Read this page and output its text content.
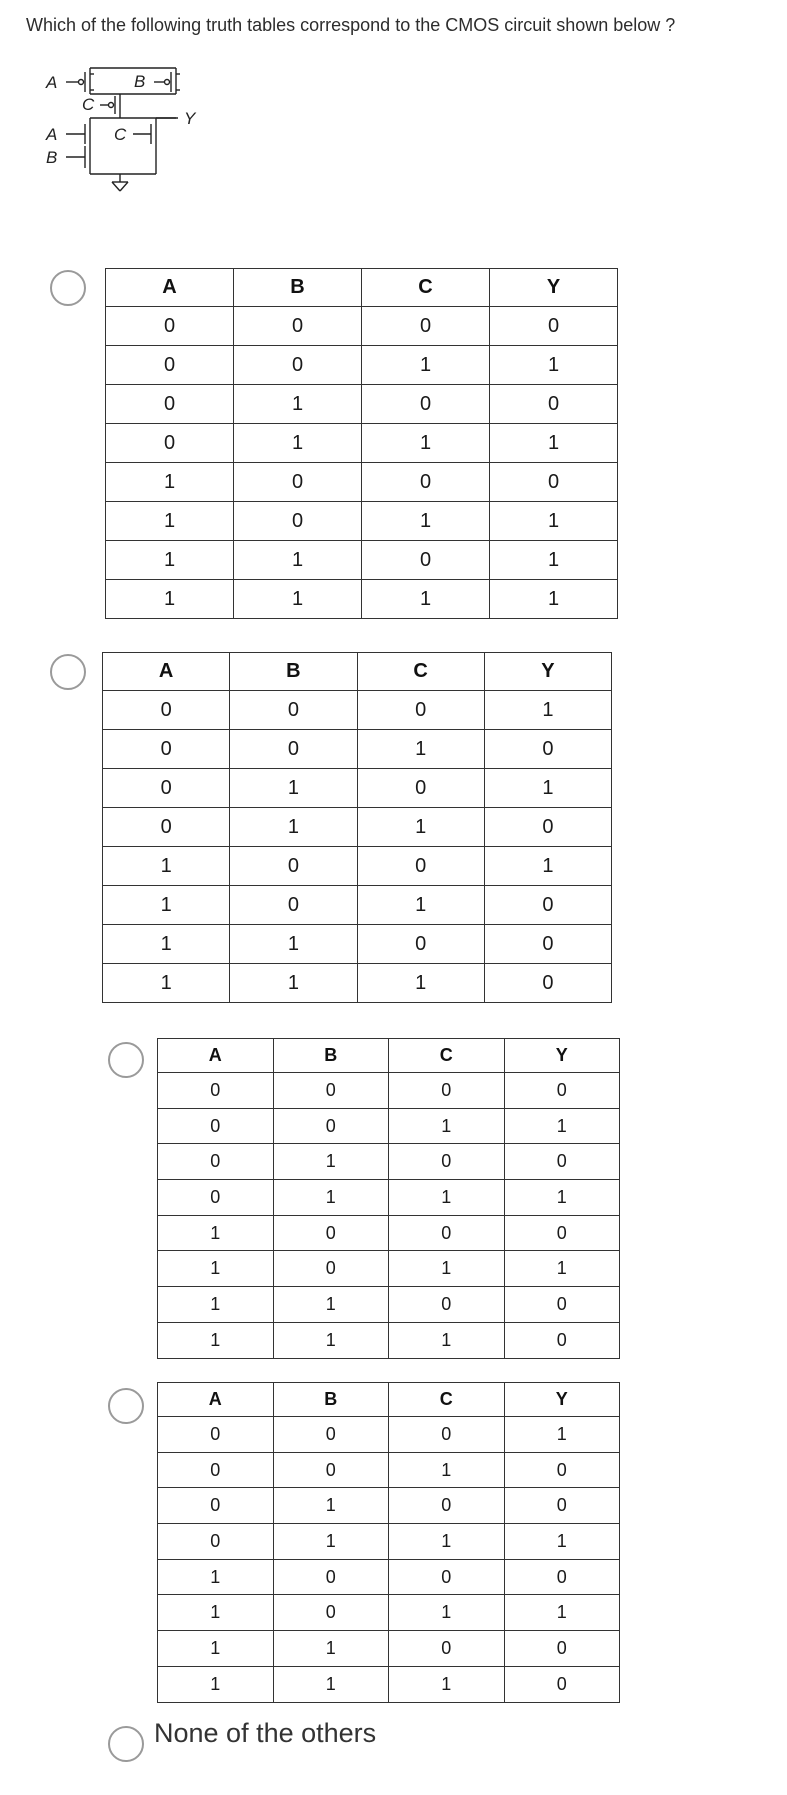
Which of the following truth tables correspond to the CMOS circuit shown below ?
A	B
C
Y
A	C
B
A	B	C	Y
0	0	0	0
0	0	1	1
0	1	0	0
0	1	1	1
1	0	0	0
1	0	1	1
1	1	0	1
1	1	1	1
A	B	C	Y
0	0	0	1
0	0	1	0
0	1	0	1
0	1	1	0
1	0	0	1
1	0	1	0
1	1	0	0
1	1	1	0
A	B	C	Y
0	0	0	0
0	0	1	1
0	1	0	0
0	1	1	1
1	0	0	0
1	0	1	1
1	1	0	0
1	1	1	0
A	B	C	Y
0	0	0	1
0	0	1	0
0	1	0	0
0	1	1	1
1	0	0	0
1	0	1	1
1	1	0	0
1	1	1	0
None of the others
